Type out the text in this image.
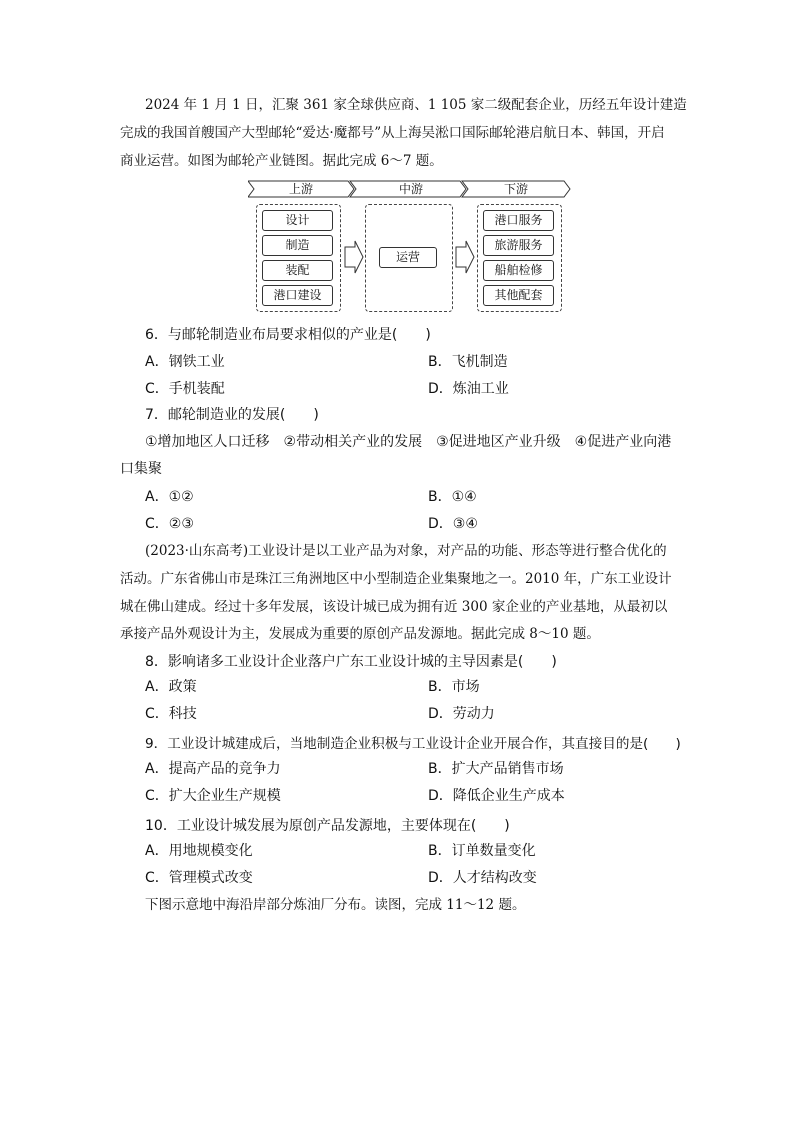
2024 年 1 月 1 日，汇聚 361 家全球供应商、1 105 家二级配套企业，历经五年设计建造
完成的我国首艘国产大型邮轮“爱达·魔都号”从上海吴淞口国际邮轮港启航日本、韩国，开启
商业运营。如图为邮轮产业链图。据此完成 6～7 题。
上游	中游	下游
设计
制造
装配
港口建设
运营
港口服务
旅游服务
船舶检修
其他配套
6．与邮轮制造业布局要求相似的产业是(　　)
A．钢铁工业	B．飞机制造
C．手机装配	D．炼油工业
7．邮轮制造业的发展(　　)
①增加地区人口迁移　②带动相关产业的发展　③促进地区产业升级　④促进产业向港
口集聚
A．①②	B．①④
C．②③	D．③④
(2023·山东高考)工业设计是以工业产品为对象，对产品的功能、形态等进行整合优化的
活动。广东省佛山市是珠江三角洲地区中小型制造企业集聚地之一。2010 年，广东工业设计
城在佛山建成。经过十多年发展，该设计城已成为拥有近 300 家企业的产业基地，从最初以
承接产品外观设计为主，发展成为重要的原创产品发源地。据此完成 8～10 题。
8．影响诸多工业设计企业落户广东工业设计城的主导因素是(　　)
A．政策	B．市场
C．科技	D．劳动力
9．工业设计城建成后，当地制造企业积极与工业设计企业开展合作，其直接目的是(　　)
A．提高产品的竞争力	B．扩大产品销售市场
C．扩大企业生产规模	D．降低企业生产成本
10．工业设计城发展为原创产品发源地，主要体现在(　　)
A．用地规模变化	B．订单数量变化
C．管理模式改变	D．人才结构改变
下图示意地中海沿岸部分炼油厂分布。读图，完成 11～12 题。
